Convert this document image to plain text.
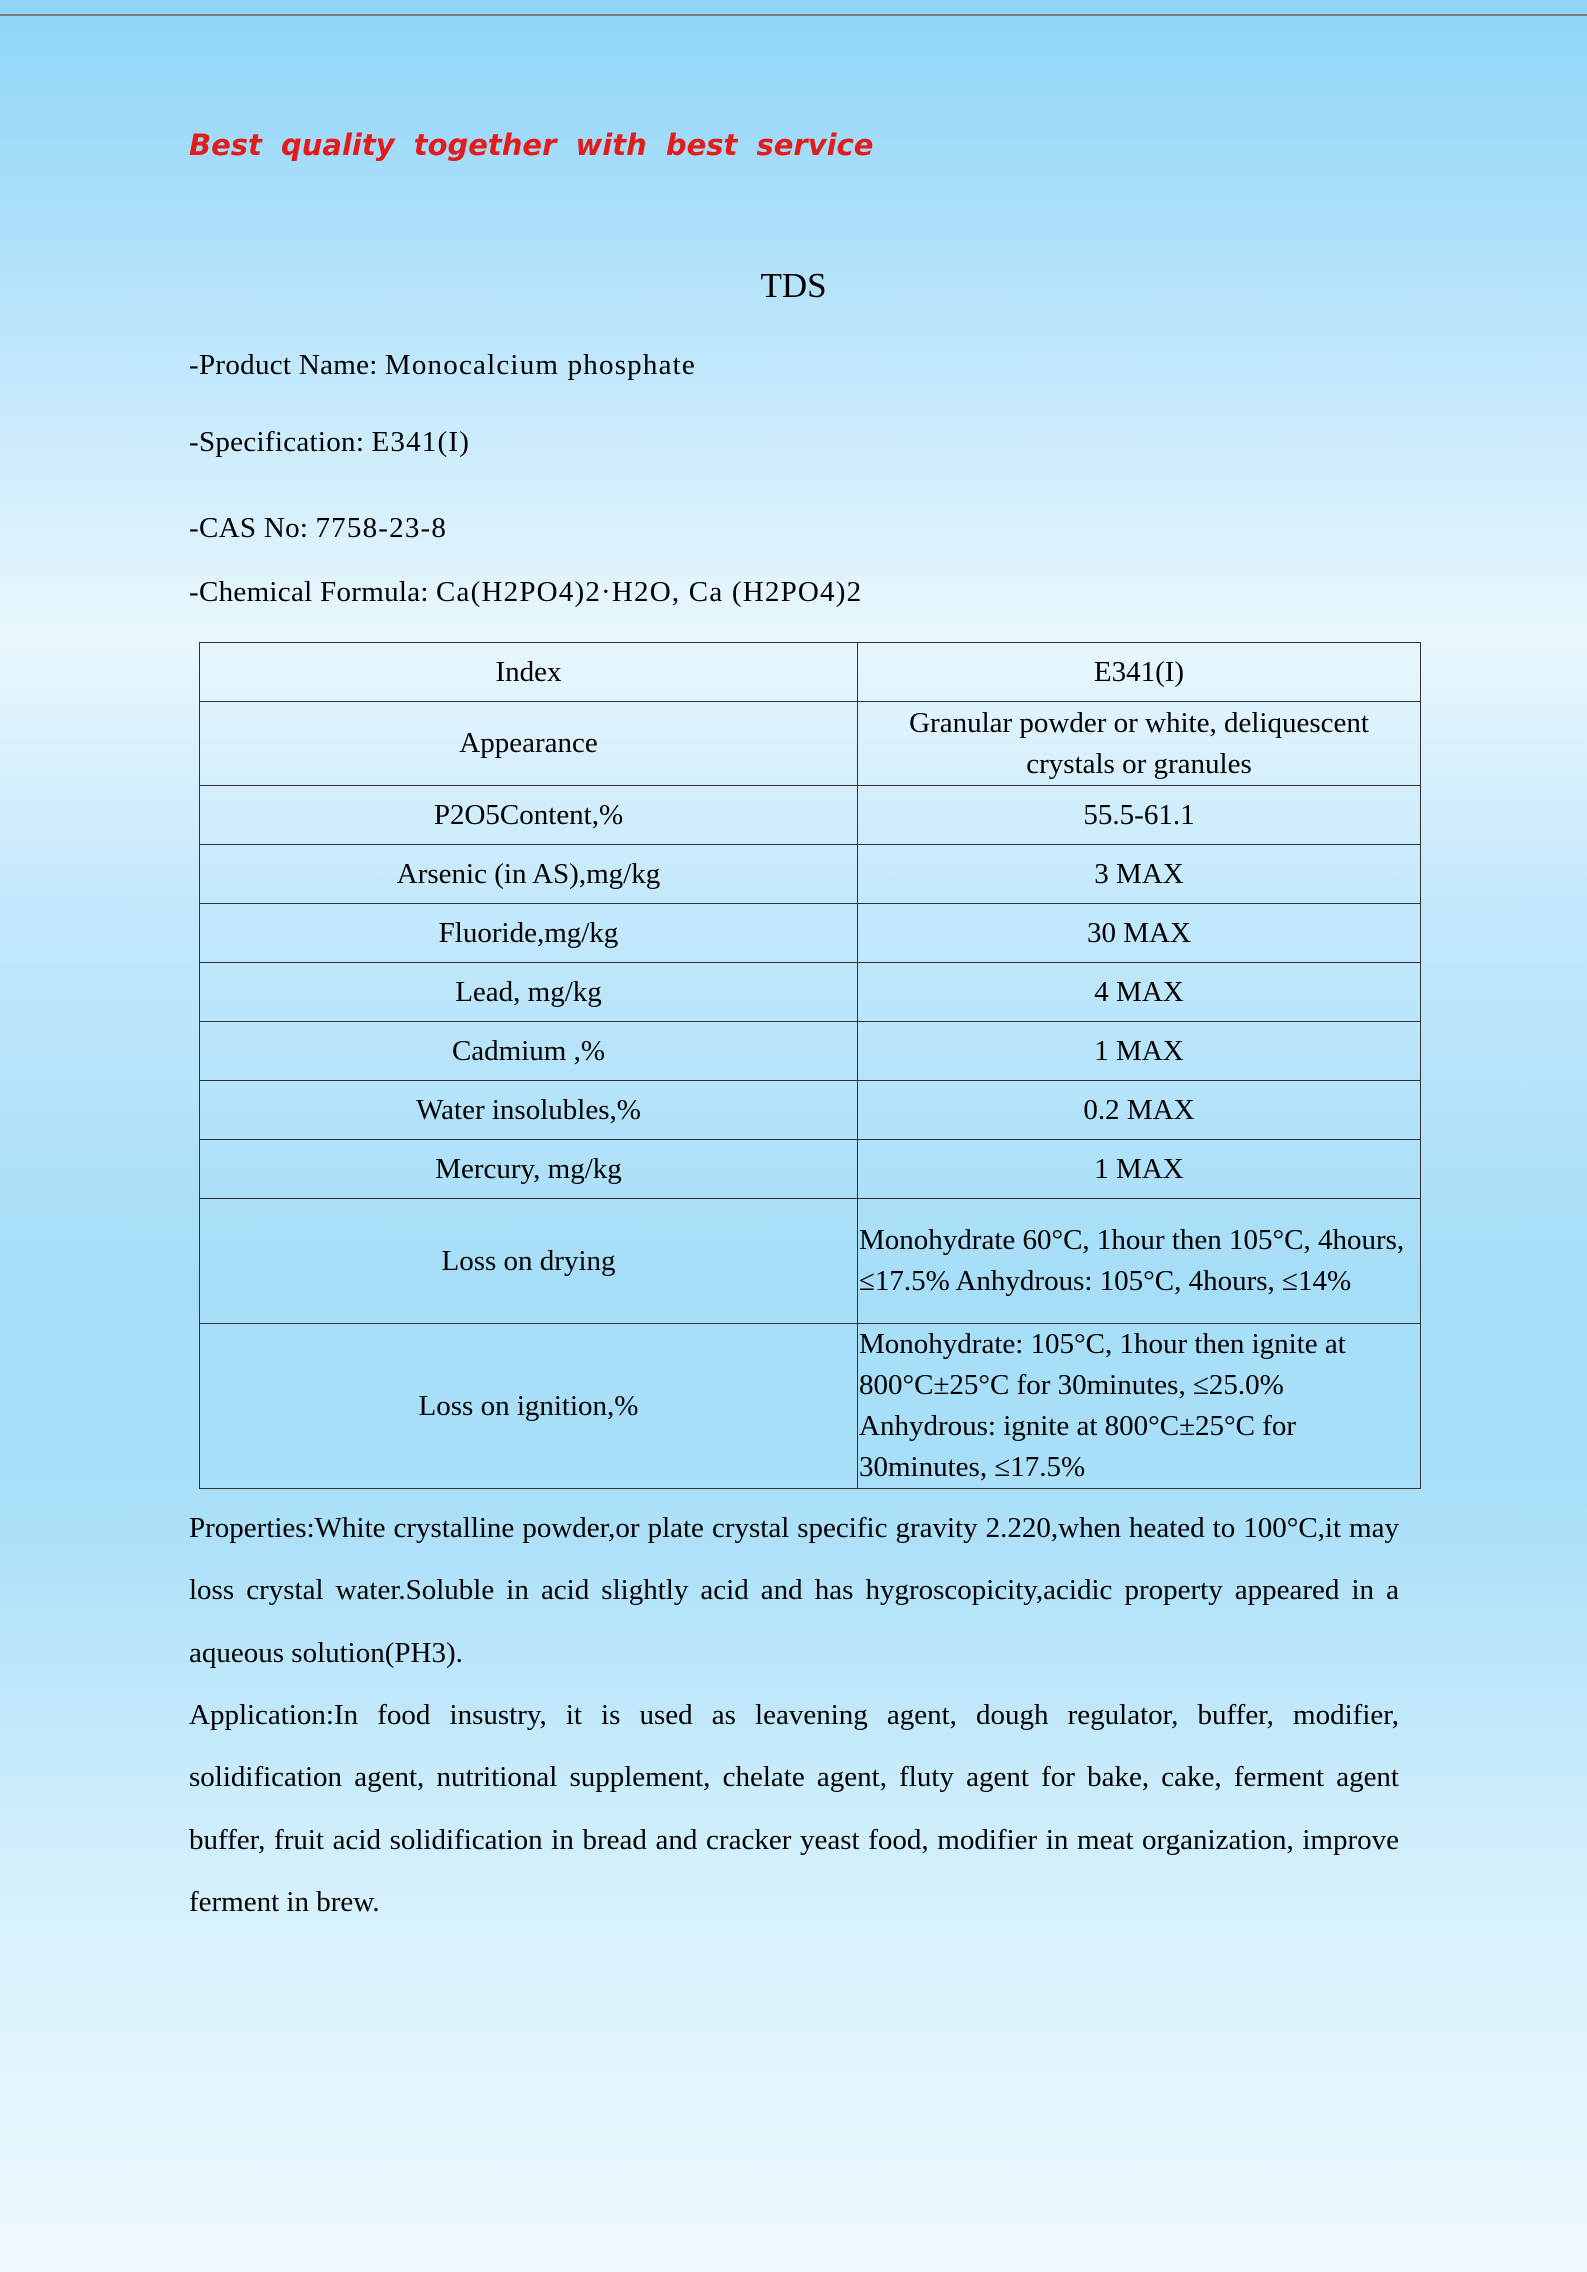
Best quality together with best service
TDS
-Product Name: Monocalcium phosphate
-Specification: E341(I)
-CAS No: 7758-23-8
-Chemical Formula: Ca(H2PO4)2·H2O, Ca (H2PO4)2
Index	E341(I)
Appearance	Granular powder or white, deliquescent crystals or granules
P2O5Content,%	55.5-61.1
Arsenic (in AS),mg/kg	3 MAX
Fluoride,mg/kg	30 MAX
Lead, mg/kg	4 MAX
Cadmium ,%	1 MAX
Water insolubles,%	0.2 MAX
Mercury, mg/kg	1 MAX
Loss on drying	Monohydrate 60°C, 1hour then 105°C, 4hours, ≤17.5% Anhydrous: 105°C, 4hours, ≤14%
Loss on ignition,%	Monohydrate: 105°C, 1hour then ignite at 800°C±25°C for 30minutes, ≤25.0% Anhydrous: ignite at 800°C±25°C for 30minutes, ≤17.5%

Properties:White crystalline powder,or plate crystal specific gravity 2.220,when heated to 100°C,it may loss crystal water.Soluble in acid slightly acid and has hygroscopicity,acidic property appeared in a aqueous solution(PH3).

Application:In food insustry, it is used as leavening agent, dough regulator, buffer, modifier, solidification agent, nutritional supplement, chelate agent, fluty agent for bake, cake, ferment agent buffer, fruit acid solidification in bread and cracker yeast food, modifier in meat organization, improve ferment in brew.
